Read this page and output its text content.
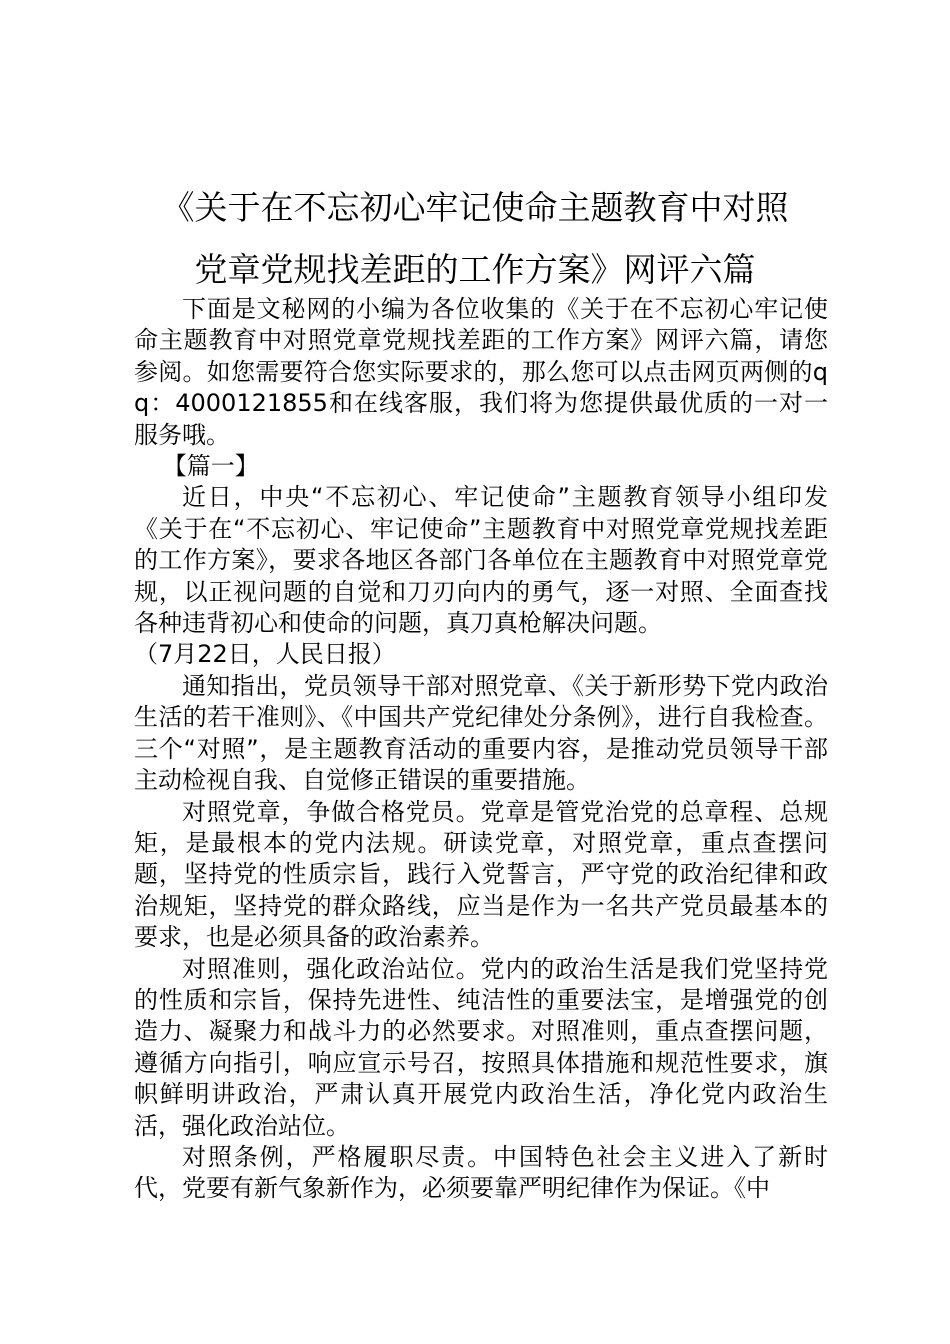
《关于在不忘初心牢记使命主题教育中对照
党章党规找差距的工作方案》网评六篇

下面是文秘网的小编为各位收集的《关于在不忘初心牢记使命主题教育中对照党章党规找差距的工作方案》网评六篇，请您参阅。如您需要符合您实际要求的，那么您可以点击网页两侧的qq：4000121855和在线客服，我们将为您提供最优质的一对一服务哦。

【篇一】

近日，中央“不忘初心、牢记使命”主题教育领导小组印发《关于在“不忘初心、牢记使命”主题教育中对照党章党规找差距的工作方案》，要求各地区各部门各单位在主题教育中对照党章党规，以正视问题的自觉和刀刃向内的勇气，逐一对照、全面查找各种违背初心和使命的问题，真刀真枪解决问题。

（7月22日，人民日报）

通知指出，党员领导干部对照党章、《关于新形势下党内政治生活的若干准则》、《中国共产党纪律处分条例》，进行自我检查。三个“对照”，是主题教育活动的重要内容，是推动党员领导干部主动检视自我、自觉修正错误的重要措施。

对照党章，争做合格党员。党章是管党治党的总章程、总规矩，是最根本的党内法规。研读党章，对照党章，重点查摆问题，坚持党的性质宗旨，践行入党誓言，严守党的政治纪律和政治规矩，坚持党的群众路线，应当是作为一名共产党员最基本的要求，也是必须具备的政治素养。

对照准则，强化政治站位。党内的政治生活是我们党坚持党的性质和宗旨，保持先进性、纯洁性的重要法宝，是增强党的创造力、凝聚力和战斗力的必然要求。对照准则，重点查摆问题，遵循方向指引，响应宣示号召，按照具体措施和规范性要求，旗帜鲜明讲政治，严肃认真开展党内政治生活，净化党内政治生活，强化政治站位。

对照条例，严格履职尽责。中国特色社会主义进入了新时代，党要有新气象新作为，必须要靠严明纪律作为保证。《中
